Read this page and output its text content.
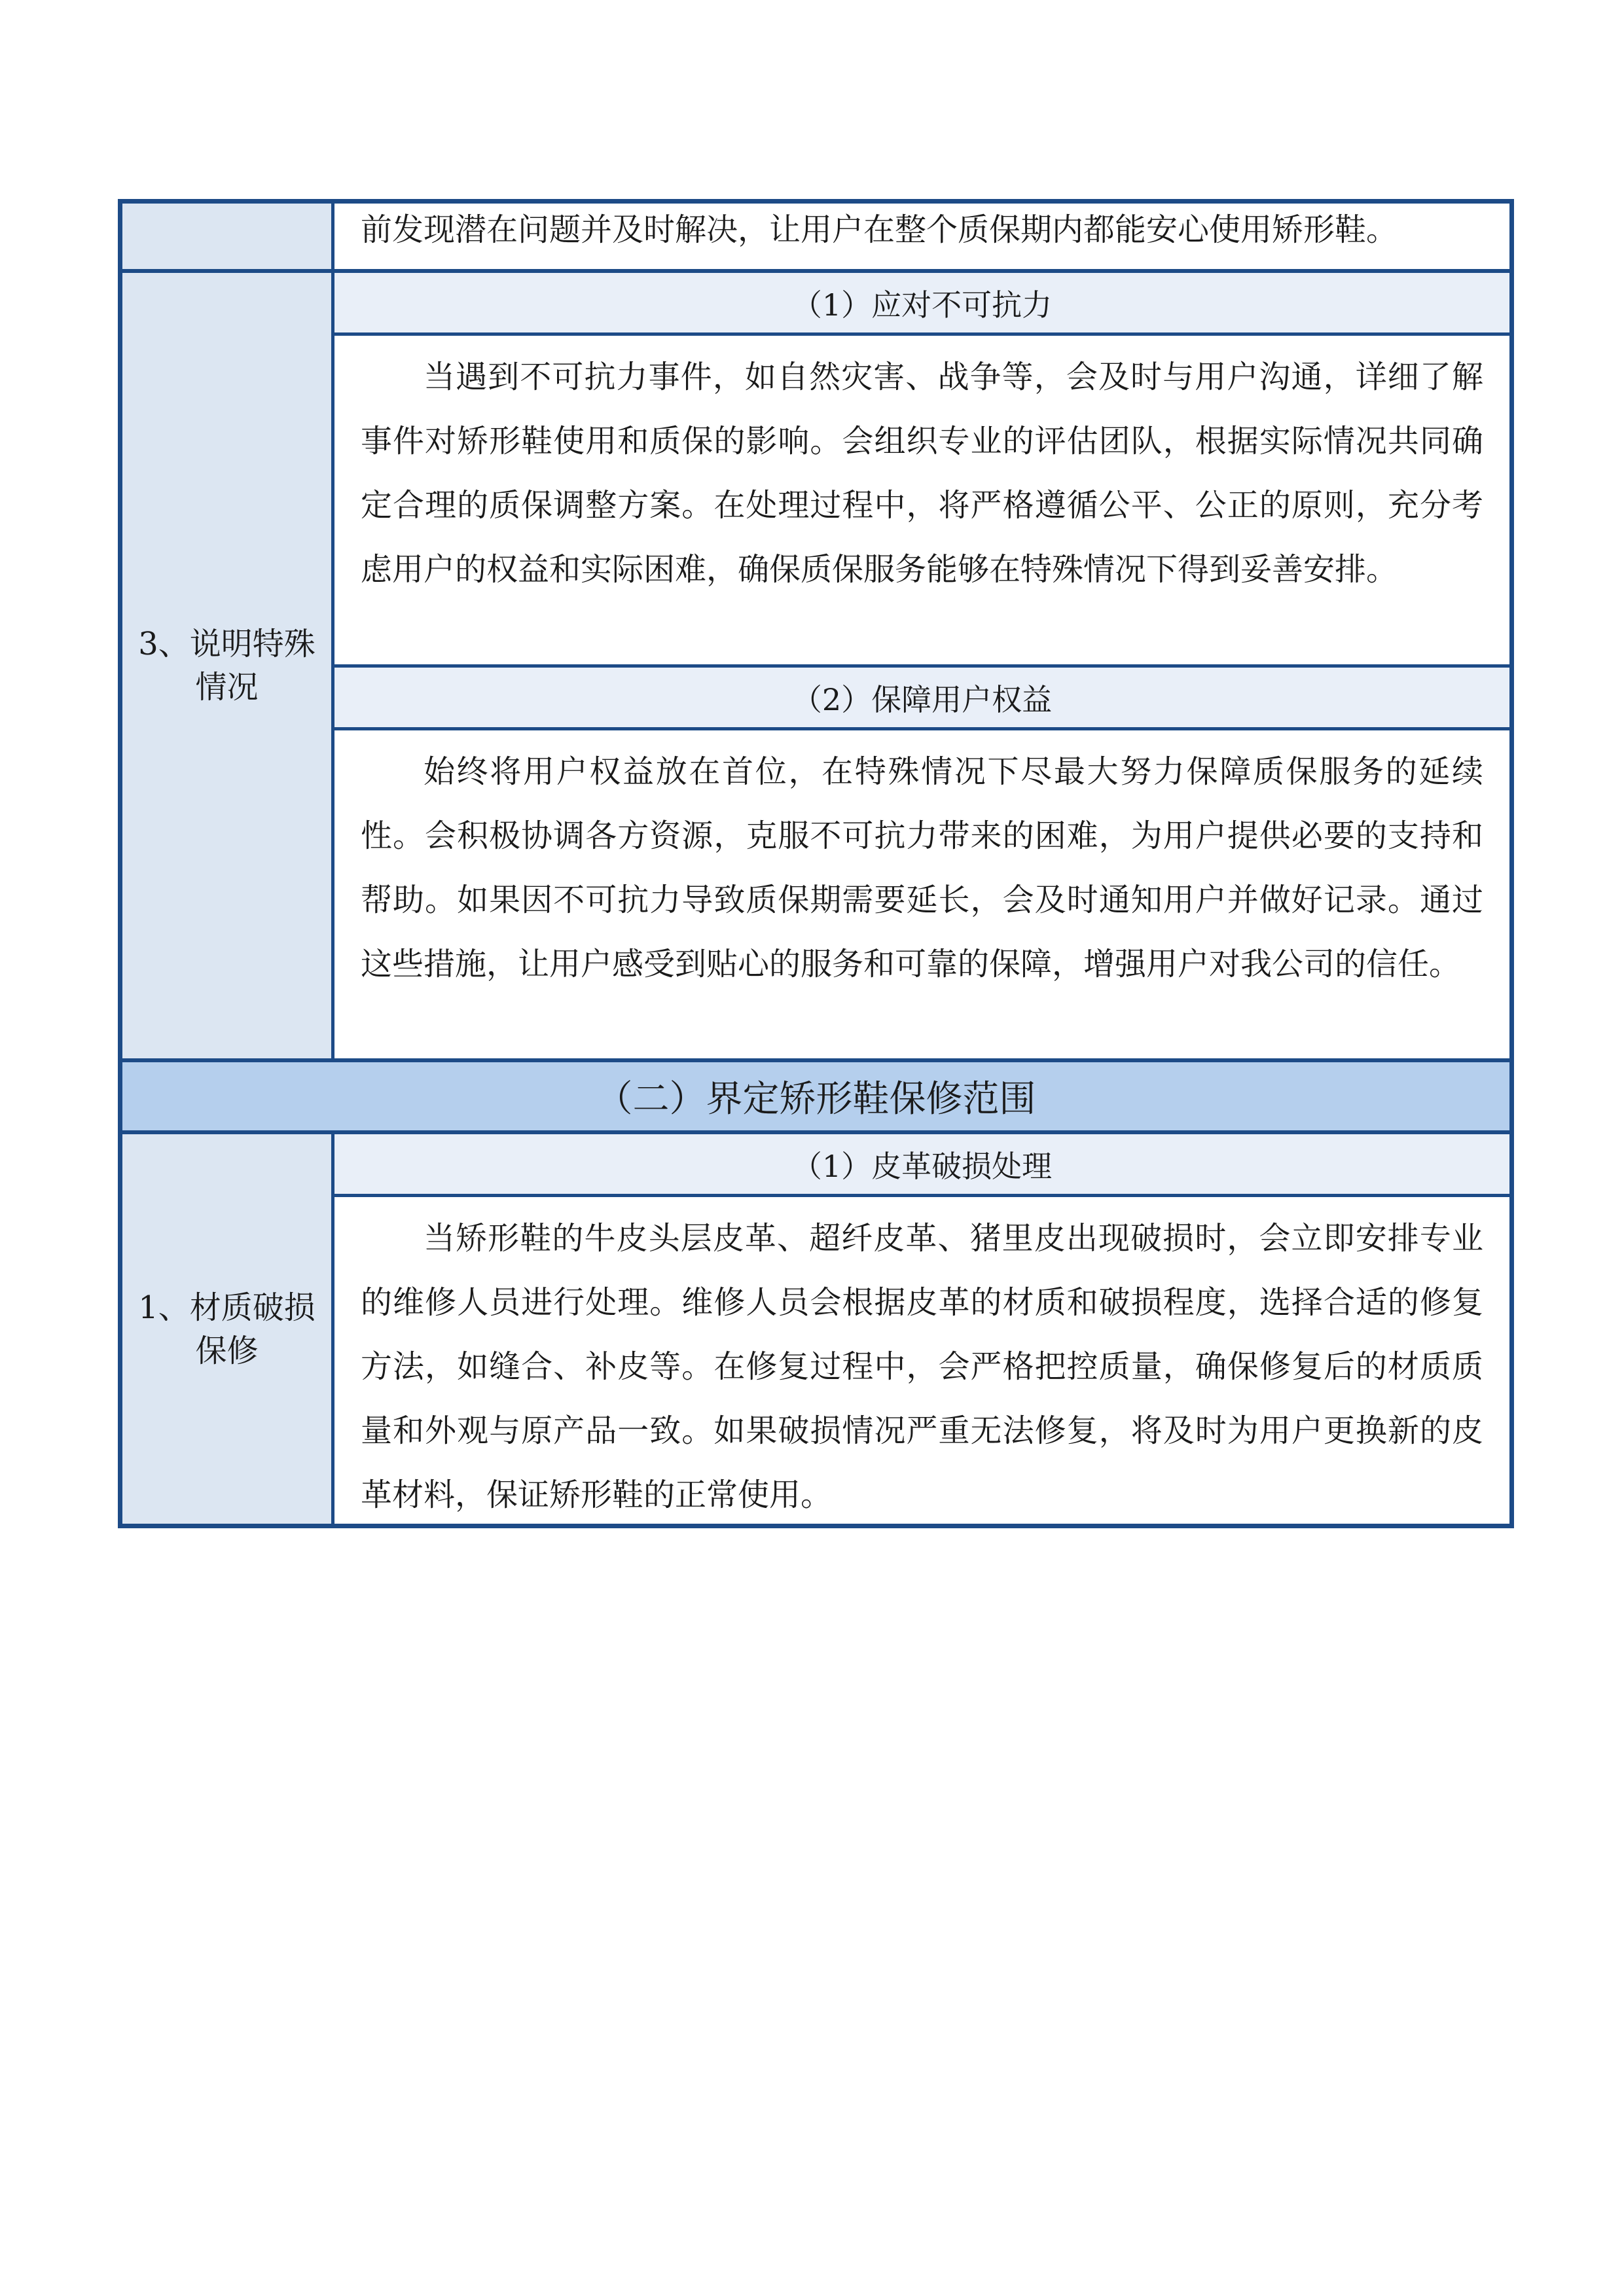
前发现潜在问题并及时解决，让用户在整个质保期内都能安心使用矫形鞋。
3、说明特殊情况
（1）应对不可抗力

当遇到不可抗力事件，如自然灾害、战争等，会及时与用户沟通，详细了解事件对矫形鞋使用和质保的影响。会组织专业的评估团队，根据实际情况共同确定合理的质保调整方案。在处理过程中，将严格遵循公平、公正的原则，充分考虑用户的权益和实际困难，确保质保服务能够在特殊情况下得到妥善安排。

（2）保障用户权益

始终将用户权益放在首位，在特殊情况下尽最大努力保障质保服务的延续性。会积极协调各方资源，克服不可抗力带来的困难，为用户提供必要的支持和帮助。如果因不可抗力导致质保期需要延长，会及时通知用户并做好记录。通过这些措施，让用户感受到贴心的服务和可靠的保障，增强用户对我公司的信任。

（二）界定矫形鞋保修范围
1、材质破损保修
（1）皮革破损处理

当矫形鞋的牛皮头层皮革、超纤皮革、猪里皮出现破损时，会立即安排专业的维修人员进行处理。维修人员会根据皮革的材质和破损程度，选择合适的修复方法，如缝合、补皮等。在修复过程中，会严格把控质量，确保修复后的材质质量和外观与原产品一致。如果破损情况严重无法修复，将及时为用户更换新的皮革材料，保证矫形鞋的正常使用。
